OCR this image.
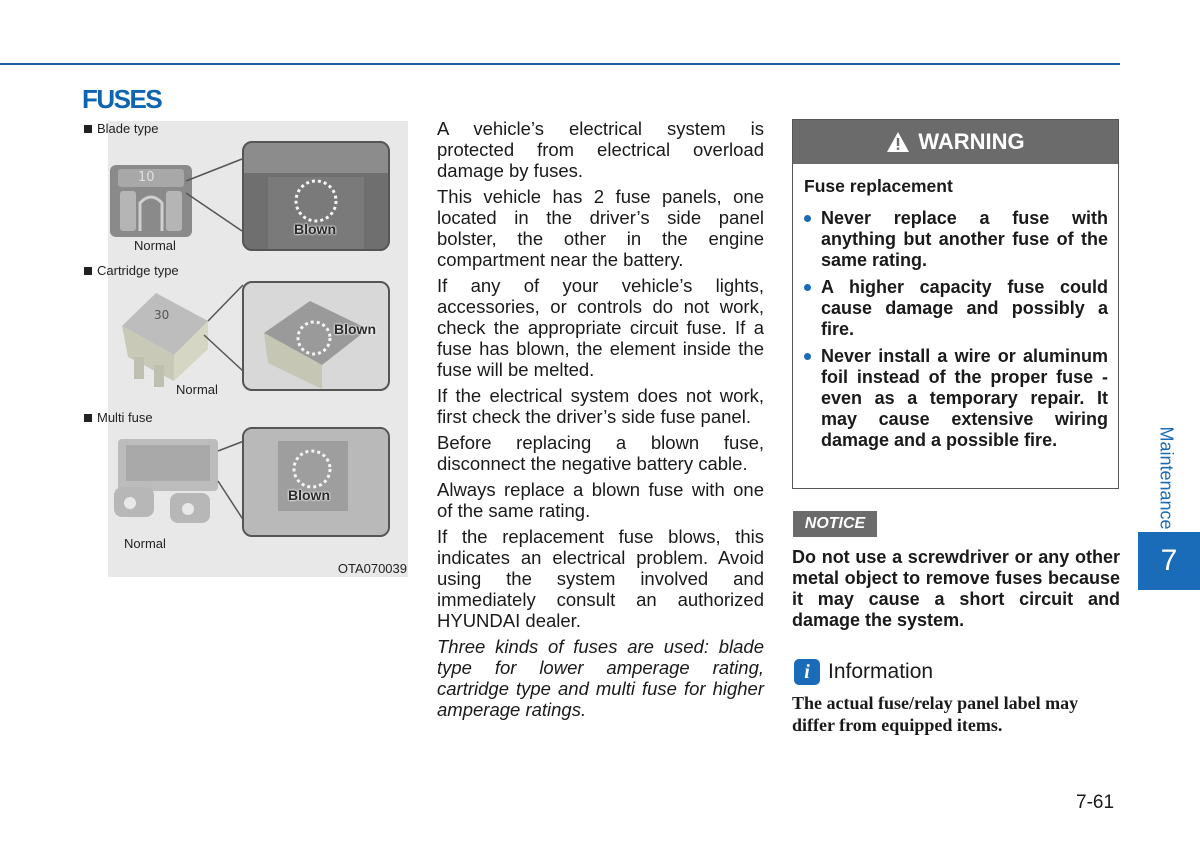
FUSES
10
30
Blade type
Blown
Normal
Cartridge type
Blown
Normal
Multi fuse
Blown
Normal
OTA070039

A vehicle’s electrical system is protected from electrical overload damage by fuses.

This vehicle has 2 fuse panels, one located in the driver’s side panel bolster, the other in the engine compartment near the battery.

If any of your vehicle’s lights, accessories, or controls do not work, check the appropriate circuit fuse. If a fuse has blown, the element inside the fuse will be melted.

If the electrical system does not work, first check the driver’s side fuse panel.

Before replacing a blown fuse, disconnect the negative battery cable.

Always replace a blown fuse with one of the same rating.

If the replacement fuse blows, this indicates an electrical problem. Avoid using the system involved and immediately consult an authorized HYUNDAI dealer.

Three kinds of fuses are used: blade type for lower amperage rating, cartridge type and multi fuse for higher amperage ratings.

WARNING

Fuse replacement

Never replace a fuse with anything but another fuse of the same rating.
A higher capacity fuse could cause damage and possibly a fire.
Never install a wire or aluminum foil instead of the proper fuse - even as a temporary repair. It may cause extensive wiring damage and a possible fire.
NOTICE

Do not use a screwdriver or any other metal object to remove fuses because it may cause a short circuit and damage the system.

i Information

The actual fuse/relay panel label may differ from equipped items.

Maintenance
7
7-61
